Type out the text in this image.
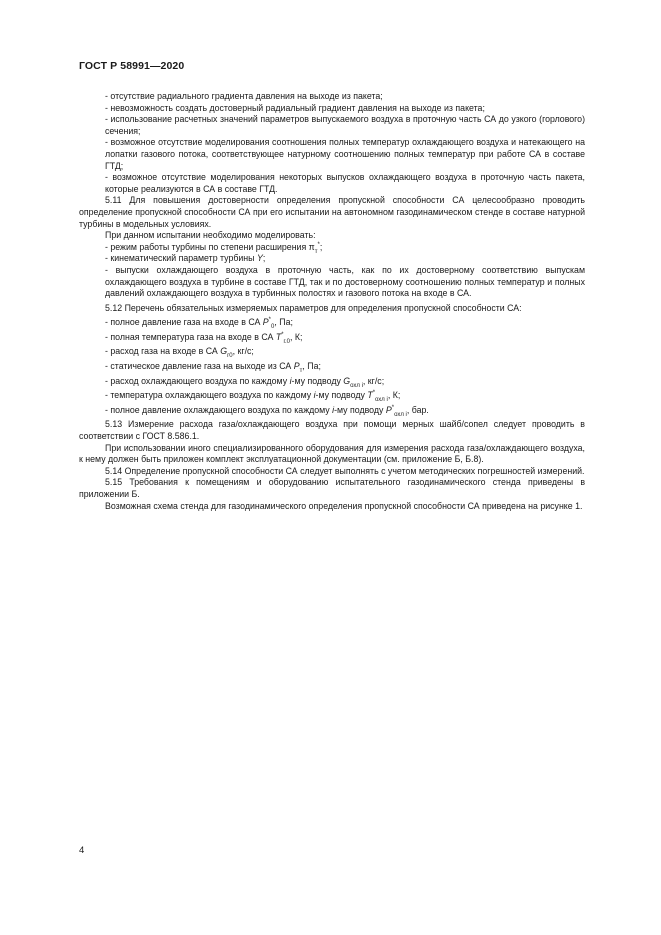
ГОСТ Р 58991—2020

- отсутствие радиального градиента давления на выходе из пакета;

- невозможность создать достоверный радиальный градиент давления на выходе из пакета;

- использование расчетных значений параметров выпускаемого воздуха в проточную часть СА до узкого (горлового) сечения;

- возможное отсутствие моделирования соотношения полных температур охлаждающего воздуха и натекающего на лопатки газового потока, соответствующее натурному соотношению полных температур при работе СА в составе ГТД;

- возможное отсутствие моделирования некоторых выпусков охлаждающего воздуха в проточную часть пакета, которые реализуются в СА в составе ГТД.

5.11 Для повышения достоверности определения пропускной способности СА целесообразно проводить определение пропускной способности СА при его испытании на автономном газодинамическом стенде в составе натурной турбины в модельных условиях.

При данном испытании необходимо моделировать:

- режим работы турбины по степени расширения $\pi_т^*$;

- кинематический параметр турбины Y;

- выпуски охлаждающего воздуха в проточную часть, как по их достоверному соответствию выпускам охлаждающего воздуха в турбине в составе ГТД, так и по достоверному соотношению полных температур и полных давлений охлаждающего воздуха в турбинных полостях и газового потока на входе в СА.

5.12 Перечень обязательных измеряемых параметров для определения пропускной способности СА:

- полное давление газа на входе в СА $P^*_0$, Па;

- полная температура газа на входе в СА $T^*_{г.0}$, К;

- расход газа на входе в СА $G_{г0}$, кг/с;

- статическое давление газа на выходе из СА $P_т$, Па;

- расход охлаждающего воздуха по каждому i-му подводу $G_{охл i}$, кг/с;

- температура охлаждающего воздуха по каждому i-му подводу $T^*_{охл i}$, К;

- полное давление охлаждающего воздуха по каждому i-му подводу $P^*_{охл i}$, бар.

5.13 Измерение расхода газа/охлаждающего воздуха при помощи мерных шайб/сопел следует проводить в соответствии с ГОСТ 8.586.1.

При использовании иного специализированного оборудования для измерения расхода газа/охлаждающего воздуха, к нему должен быть приложен комплект эксплуатационной документации (см. приложение Б, Б.8).

5.14 Определение пропускной способности СА следует выполнять с учетом методических погрешностей измерений.

5.15 Требования к помещениям и оборудованию испытательного газодинамического стенда приведены в приложении Б.

Возможная схема стенда для газодинамического определения пропускной способности СА приведена на рисунке 1.

4
